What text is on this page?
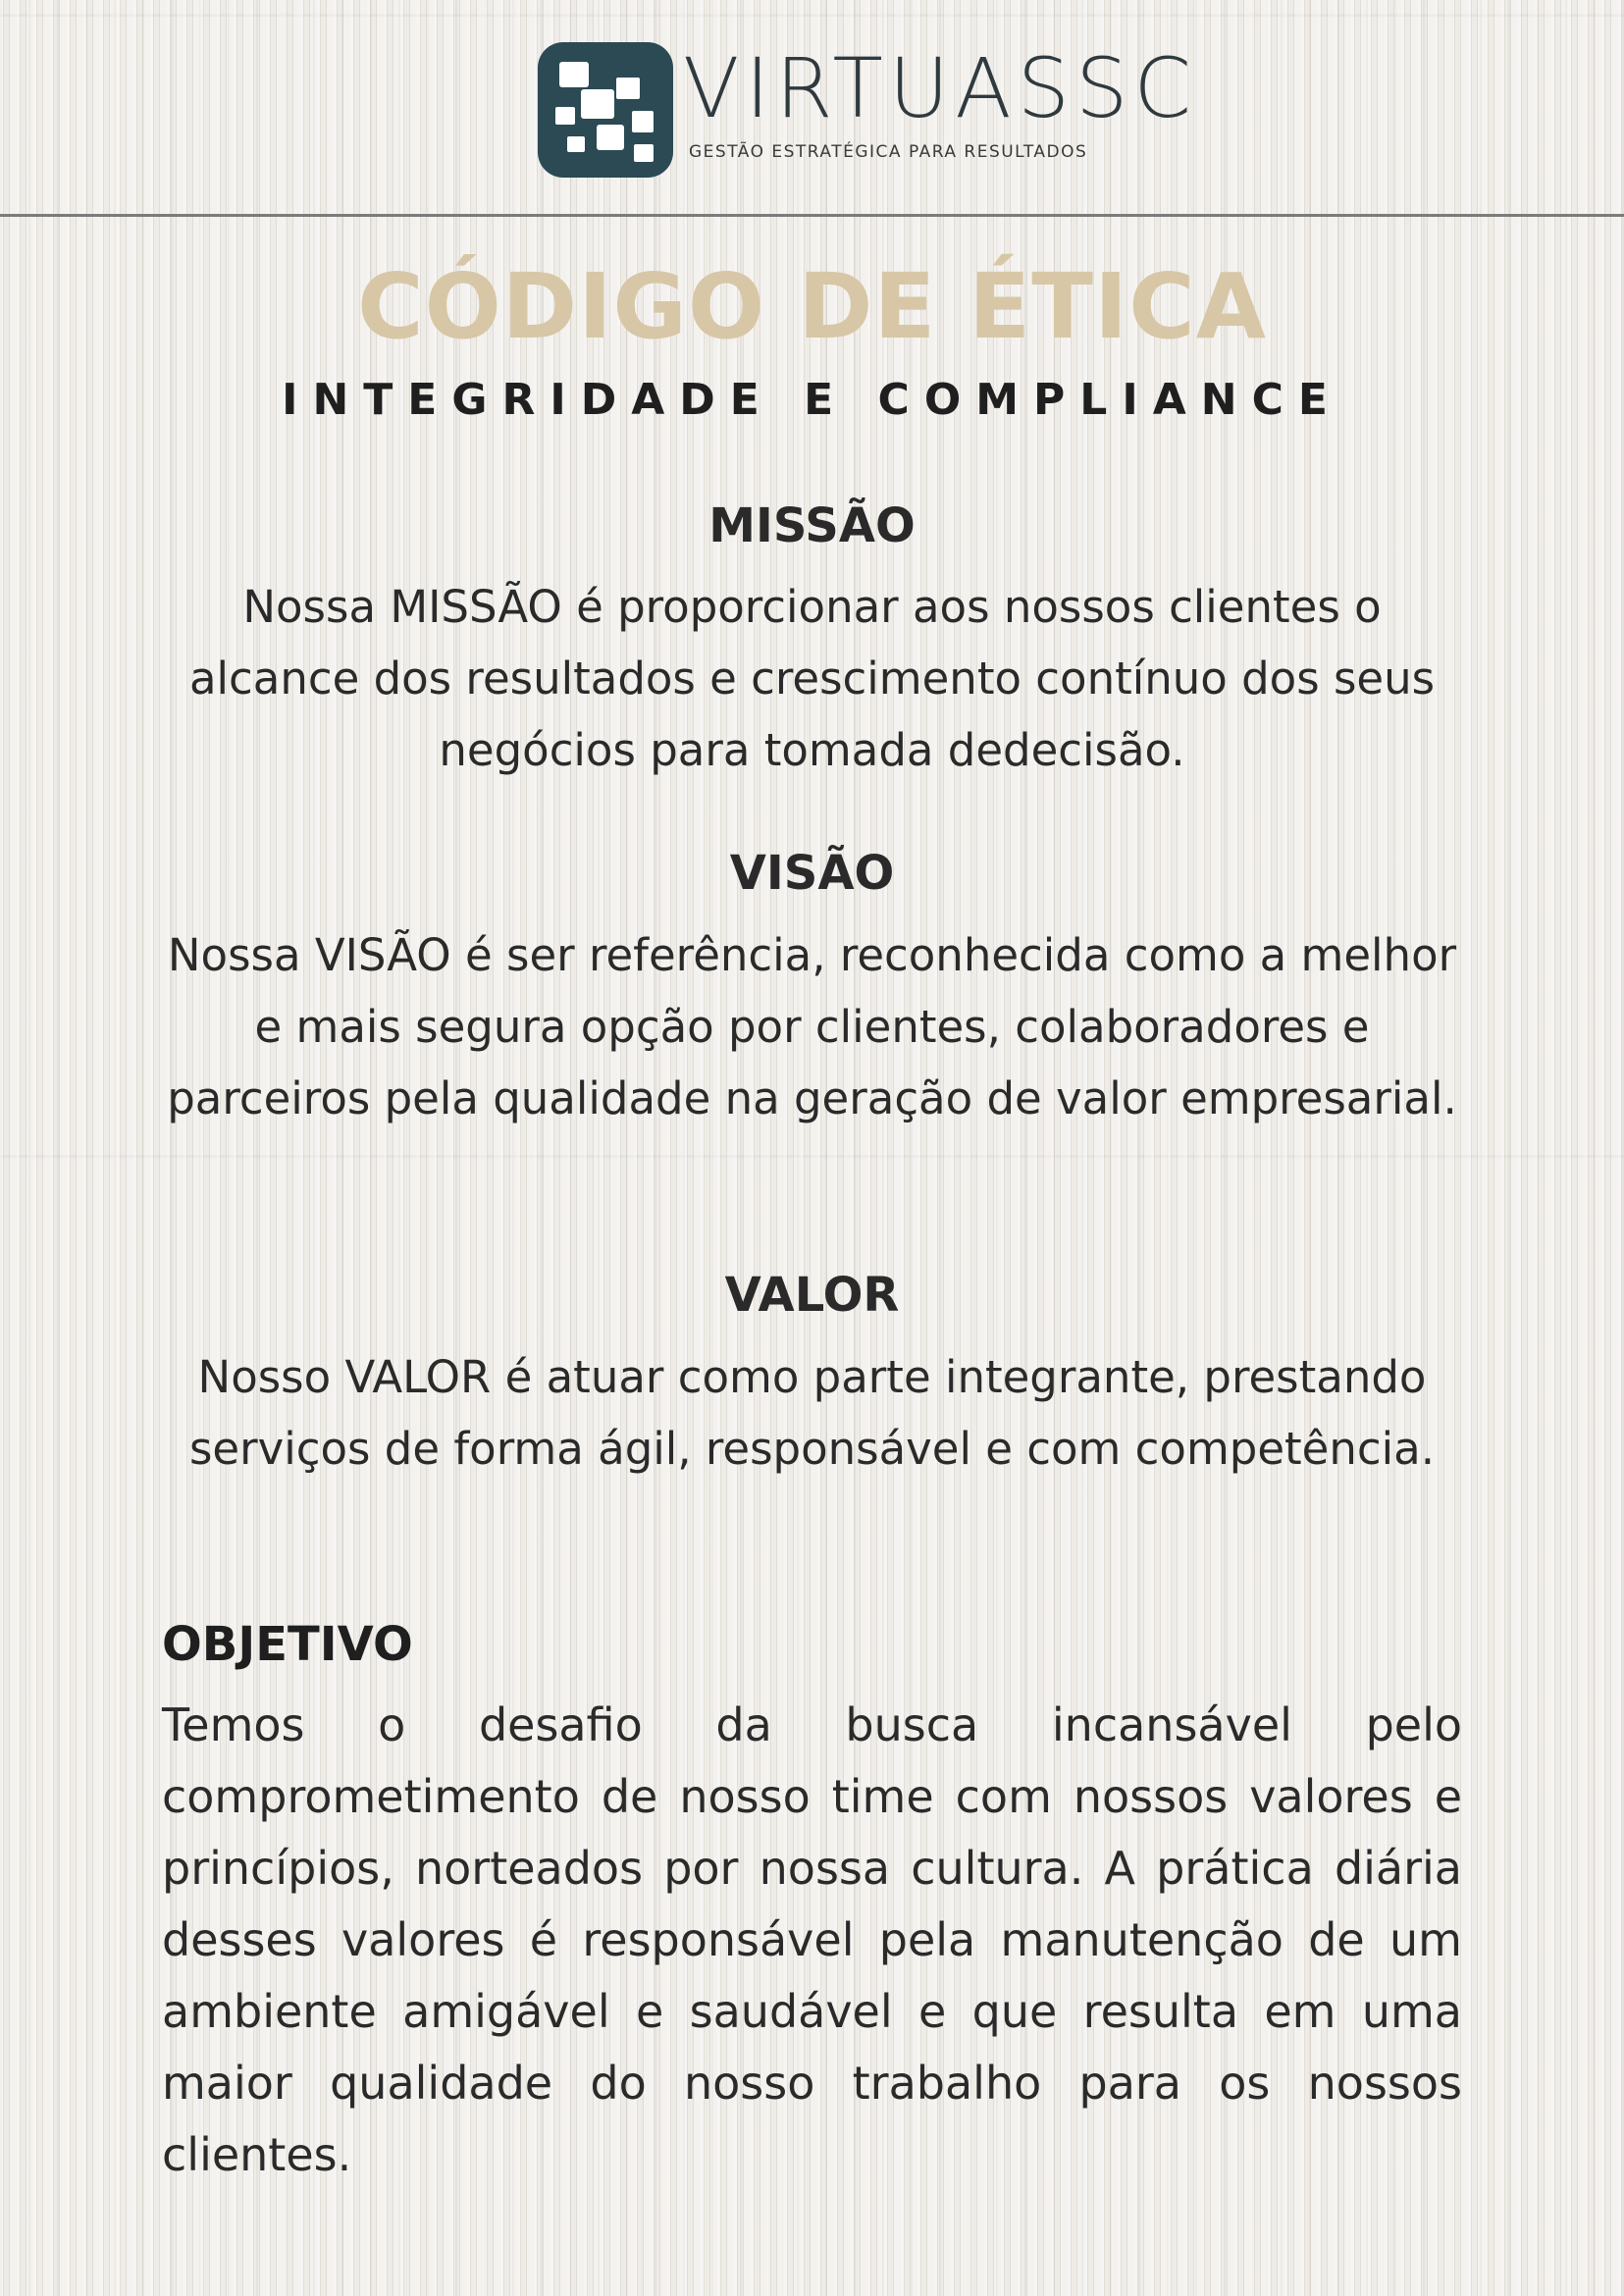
VIRTUASSC
GESTÃO ESTRATÉGICA PARA RESULTADOS
CÓDIGO DE ÉTICA
INTEGRIDADE E COMPLIANCE
MISSÃO
Nossa MISSÃO é proporcionar aos nossos clientes o alcance dos resultados e crescimento contínuo dos seus negócios para tomada dedecisão.
VISÃO
Nossa VISÃO é ser referência, reconhecida como a melhor e mais segura opção por clientes, colaboradores e parceiros pela qualidade na geração de valor empresarial.
VALOR
Nosso VALOR é atuar como parte integrante, prestando serviços de forma ágil, responsável e com competência.
OBJETIVO
Temos o desafio da busca incansável pelo comprometimento de nosso time com nossos valores e princípios, norteados por nossa cultura. A prática diária desses valores é responsável pela manutenção de um ambiente amigável e saudável e que resulta em uma maior qualidade do nosso trabalho para os nossos clientes.
